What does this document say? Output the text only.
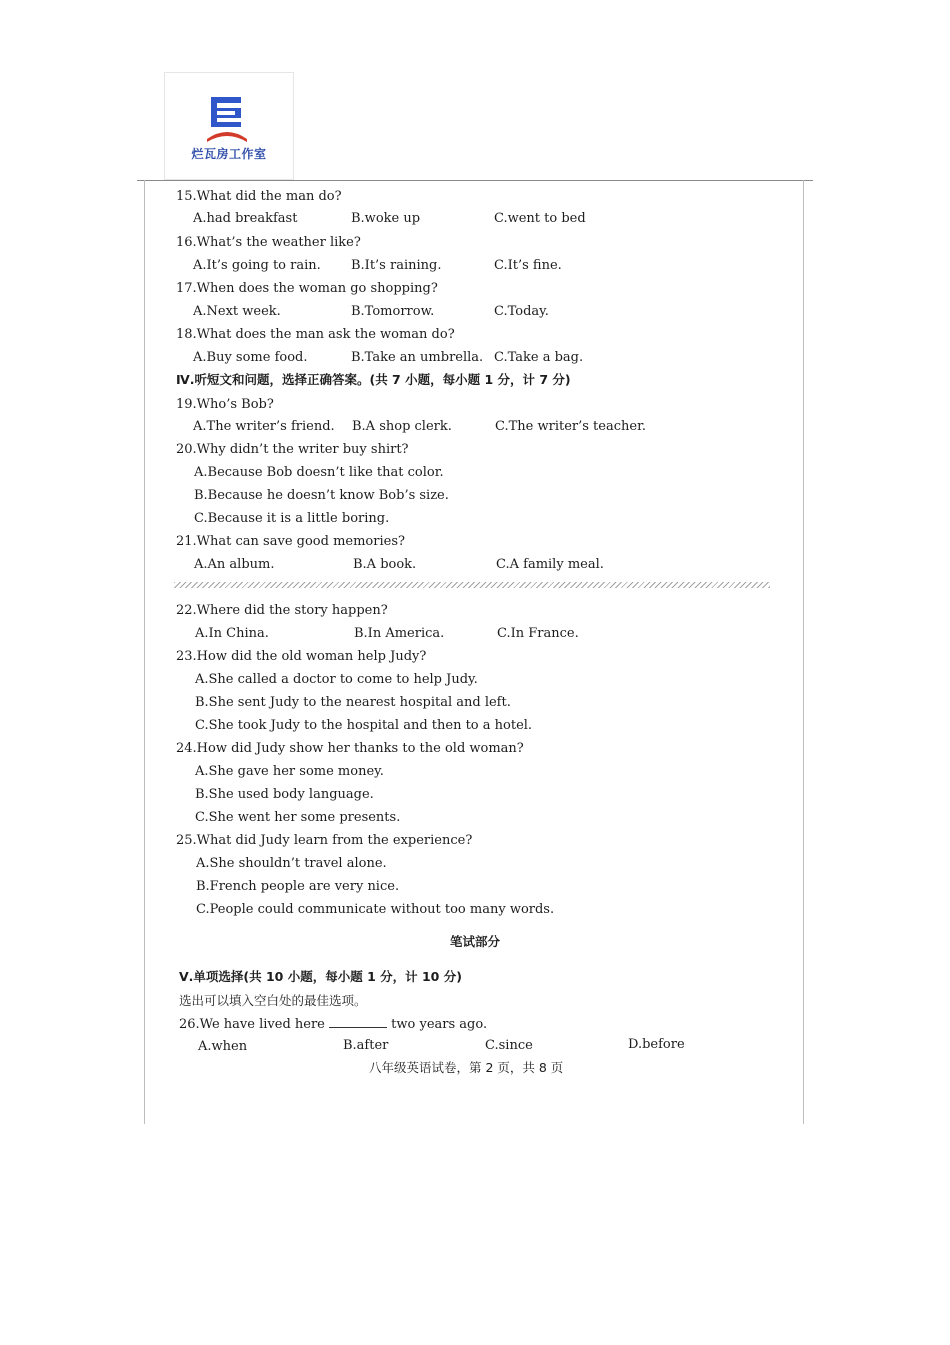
烂瓦房工作室
15.What did the man do?
A.had breakfast	B.woke up	C.went to bed
16.What’s the weather like?
A.It’s going to rain. B.It’s raining.	C.It’s fine.
17.When does the woman go shopping?
A.Next week.	B.Tomorrow.	C.Today.
18.What does the man ask the woman do?
A.Buy some food.	B.Take an umbrella. C.Take a bag.
Ⅳ.听短文和问题，选择正确答案。(共 7 小题，每小题 1 分，计 7 分)
19.Who’s Bob?
A.The writer’s friend. B.A shop clerk.	C.The writer’s teacher.
20.Why didn’t the writer buy shirt?
A.Because Bob doesn’t like that color.
B.Because he doesn’t know Bob’s size.
C.Because it is a little boring.
21.What can save good memories?
A.An album.	B.A book.	C.A family meal.
22.Where did the story happen?
A.In China.	B.In America.	C.In France.
23.How did the old woman help Judy?
A.She called a doctor to come to help Judy.
B.She sent Judy to the nearest hospital and left.
C.She took Judy to the hospital and then to a hotel.
24.How did Judy show her thanks to the old woman?
A.She gave her some money.
B.She used body language.
C.She went her some presents.
25.What did Judy learn from the experience?
A.She shouldn’t travel alone.
B.French people are very nice.
C.People could communicate without too many words.
笔试部分
Ⅴ.单项选择(共 10 小题，每小题 1 分，计 10 分)
选出可以填入空白处的最佳选项。
26.We have lived here	two years ago.
A.when	B.after	C.since	D.before
八年级英语试卷，第 2 页，共 8 页
